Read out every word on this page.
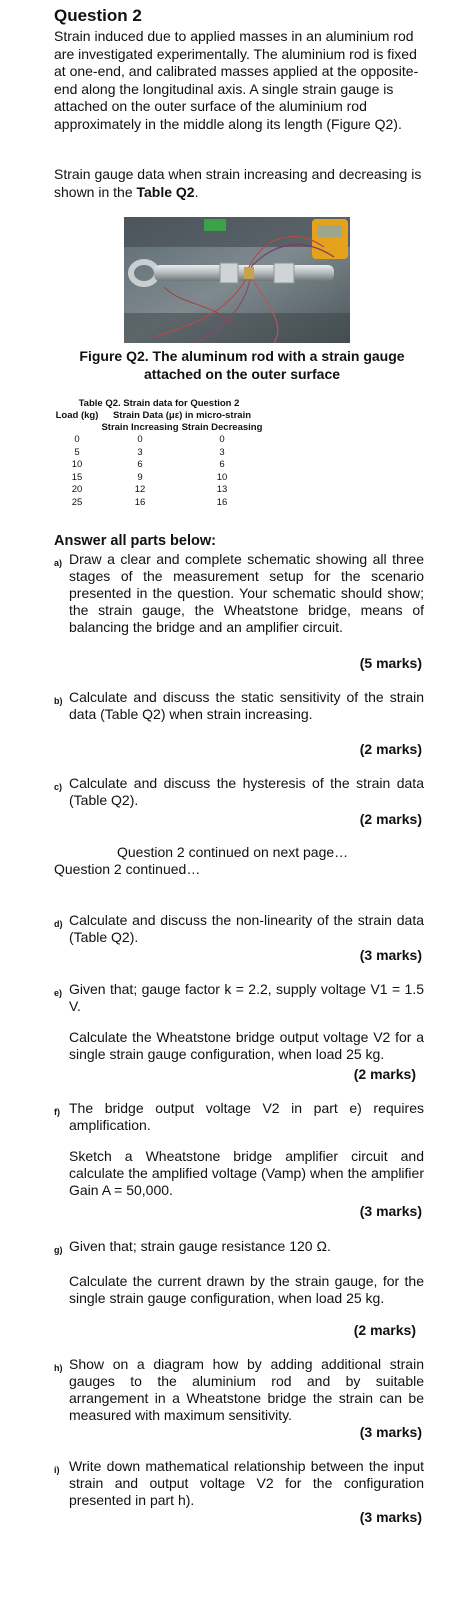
Question 2
Strain induced due to applied masses in an aluminium rod are investigated experimentally. The aluminium rod is fixed at one-end, and calibrated masses applied at the opposite-end along the longitudinal axis. A single strain gauge is attached on the outer surface of the aluminium rod approximately in the middle along its length (Figure Q2).
Strain gauge data when strain increasing and decreasing is shown in the Table Q2.
Figure Q2. The aluminum rod with a strain gauge
attached on the outer surface
Table Q2. Strain data for Question 2
Load (kg)	Strain Data (με) in micro-strain	
	Strain Increasing	Strain Decreasing
0	0	0
5	3	3
10	6	6
15	9	10
20	12	13
25	16	16
Answer all parts below:
a) Draw a clear and complete schematic showing all three stages of the measurement setup for the scenario presented in the question. Your schematic should show; the strain gauge, the Wheatstone bridge, means of balancing the bridge and an amplifier circuit.
(5 marks)
b) Calculate and discuss the static sensitivity of the strain data (Table Q2) when strain increasing.
(2 marks)
c) Calculate and discuss the hysteresis of the strain data (Table Q2).
(2 marks)
Question 2 continued on next page…
Question 2 continued…
d) Calculate and discuss the non-linearity of the strain data (Table Q2).
(3 marks)
e) Given that; gauge factor k = 2.2, supply voltage V1 = 1.5 V.
Calculate the Wheatstone bridge output voltage V2 for a single strain gauge configuration, when load 25 kg.
(2 marks)
f) The bridge output voltage V2 in part e) requires amplification.
Sketch a Wheatstone bridge amplifier circuit and calculate the amplified voltage (Vamp) when the amplifier Gain A = 50,000.
(3 marks)
g) Given that; strain gauge resistance 120 Ω.
Calculate the current drawn by the strain gauge, for the single strain gauge configuration, when load 25 kg.
(2 marks)
h) Show on a diagram how by adding additional strain gauges to the aluminium rod and by suitable arrangement in a Wheatstone bridge the strain can be measured with maximum sensitivity.
(3 marks)
i) Write down mathematical relationship between the input strain and output voltage V2 for the configuration presented in part h).
(3 marks)
